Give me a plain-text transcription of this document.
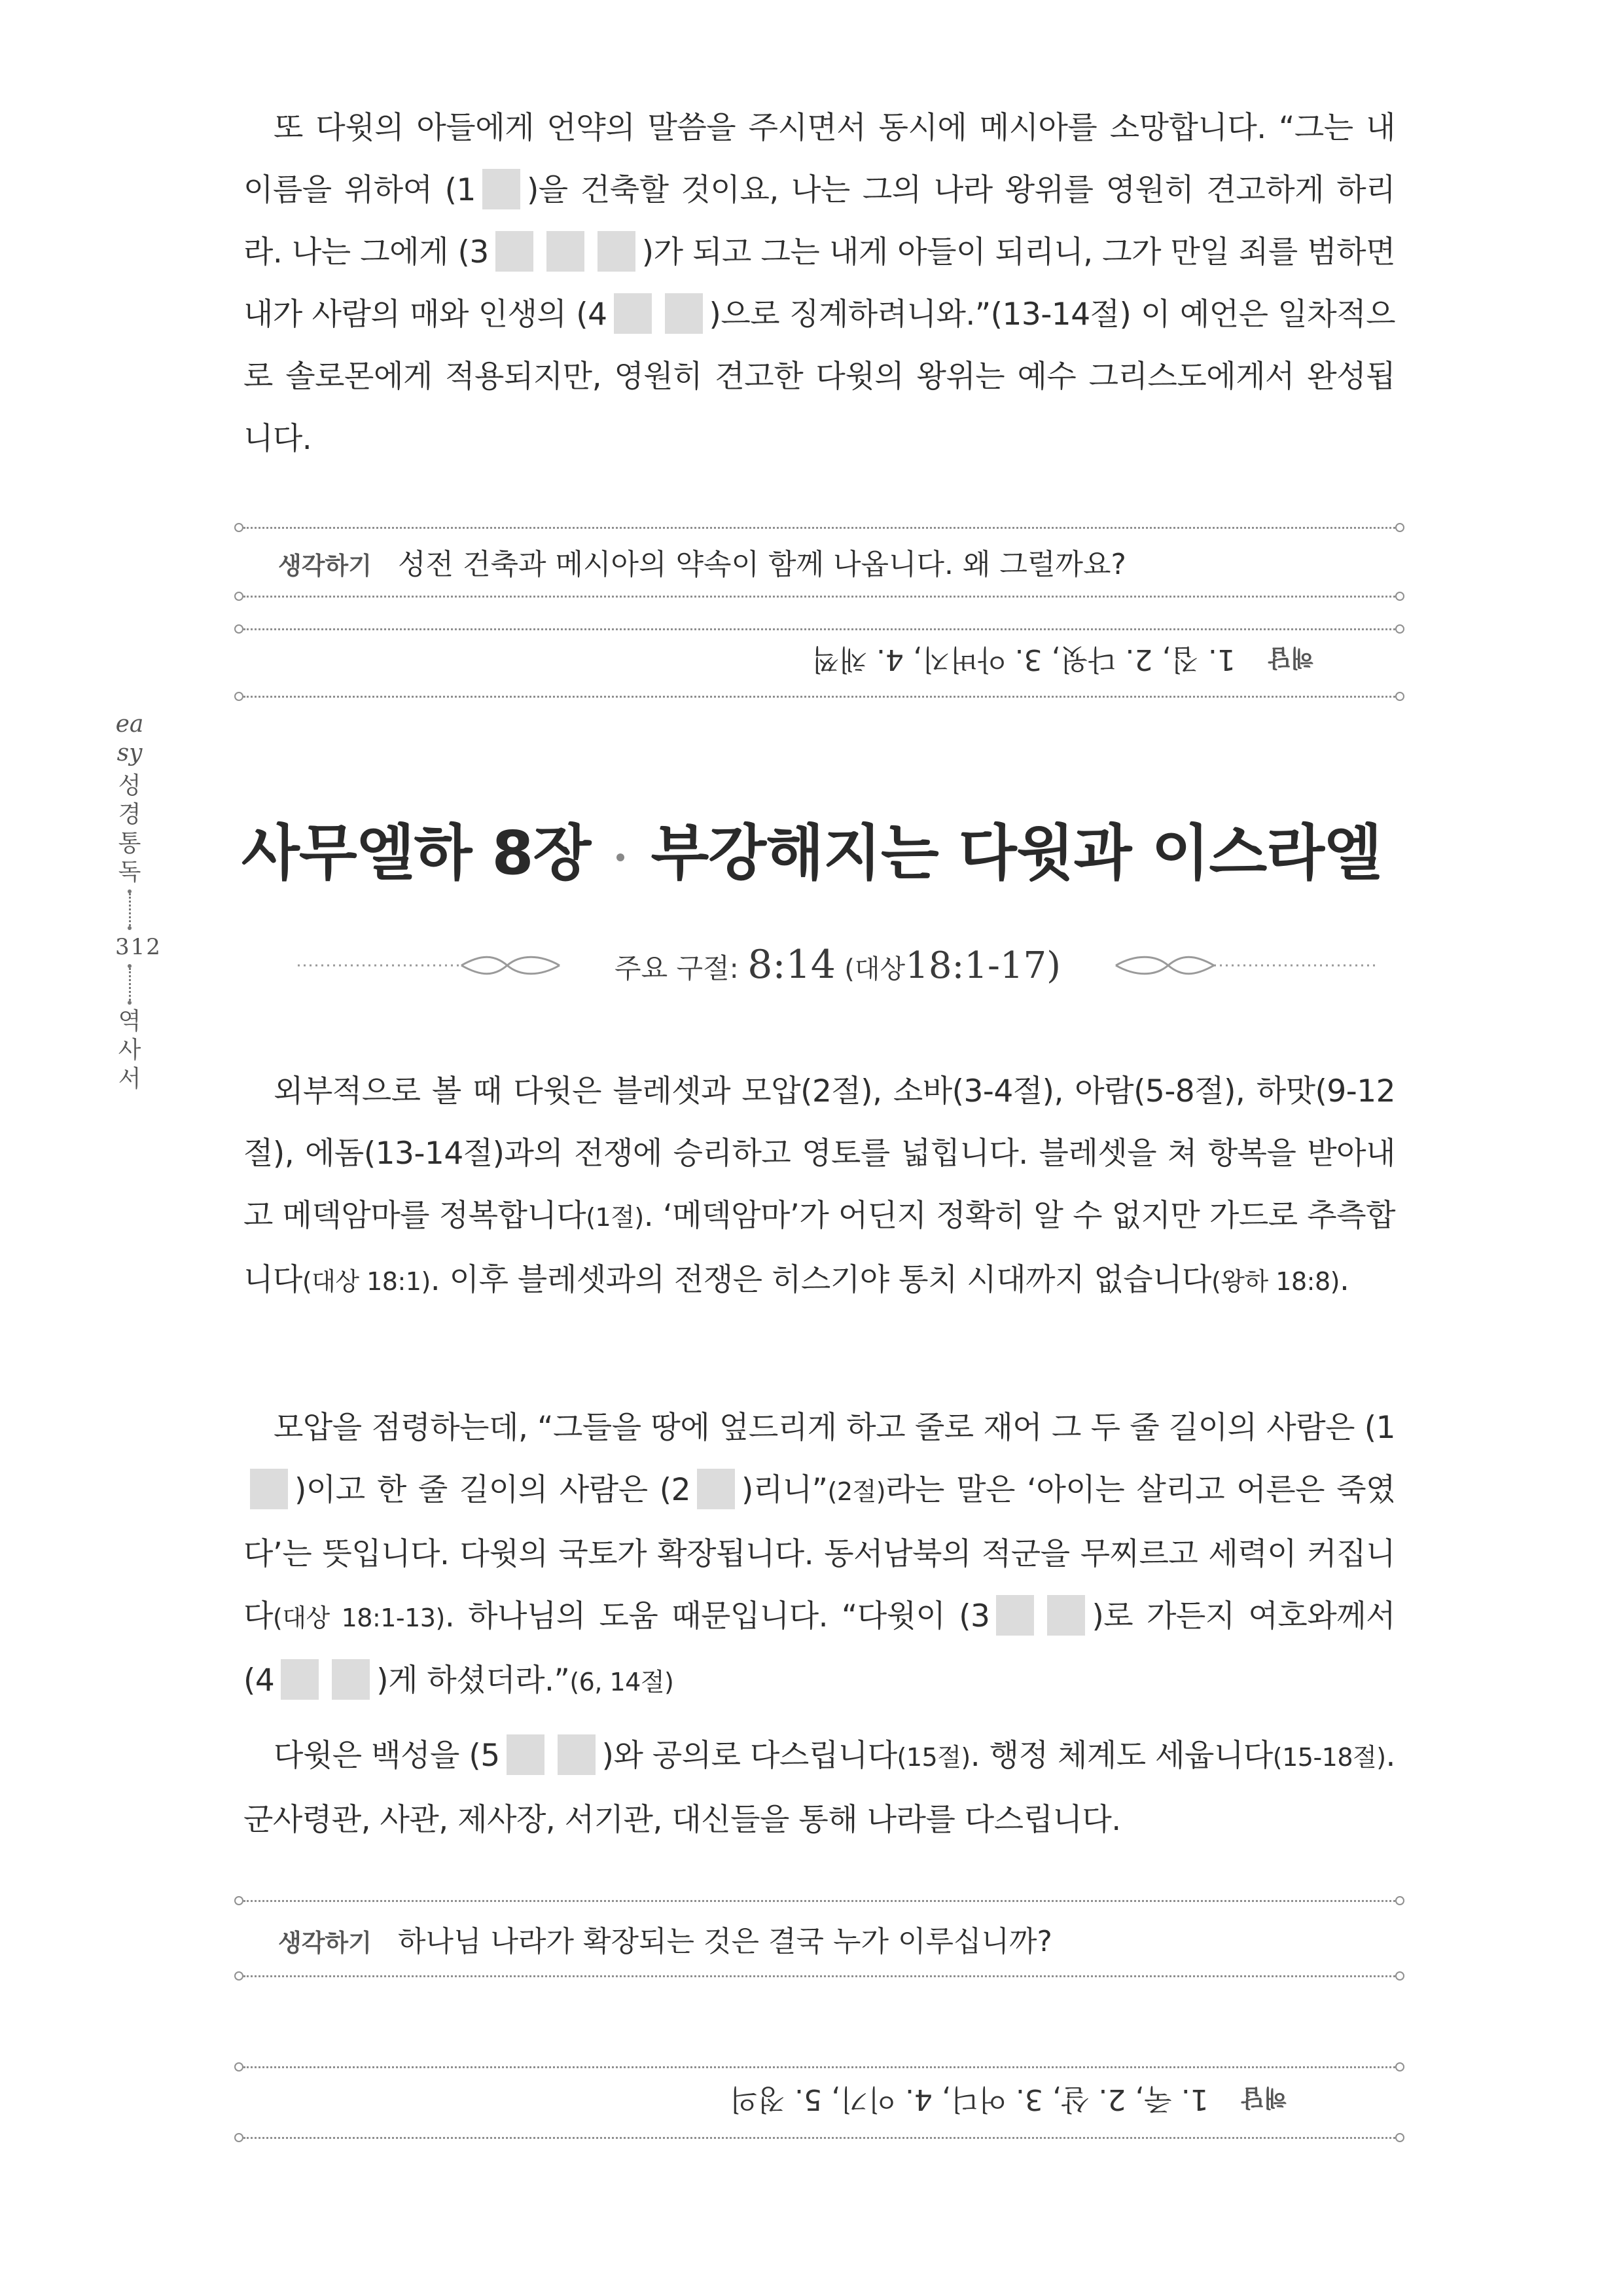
또 다윗의 아들에게 언약의 말씀을 주시면서 동시에 메시아를 소망합니다. “그는 내 이름을 위하여 (1 )을 건축할 것이요, 나는 그의 나라 왕위를 영원히 견고하게 하리라. 나는 그에게 (3	)가 되고 그는 내게 아들이 되리니, 그가 만일 죄를 범하면 내가 사람의 매와 인생의 (4	)으로 징계하려니와.”(13-14절) 이 예언은 일차적으로 솔로몬에게 적용되지만, 영원히 견고한 다윗의 왕위는 예수 그리스도에게서 완성됩니다.
생각하기 성전 건축과 메시아의 약속이 함께 나옵니다. 왜 그럴까요?
해답1. 집, 2. 다윗, 3. 아버지, 4. 채찍
easy
성경통독
312
역사서
사무엘하 8장 부강해지는 다윗과 이스라엘
주요 구절: 8:14 (대상18:1-17)
외부적으로 볼 때 다윗은 블레셋과 모압(2절), 소바(3-4절), 아람(5-8절), 하맛(9-12절), 에돔(13-14절)과의 전쟁에 승리하고 영토를 넓힙니다. 블레셋을 쳐 항복을 받아내고 메덱암마를 정복합니다(1절). ‘메덱암마’가 어딘지 정확히 알 수 없지만 가드로 추측합니다(대상 18:1). 이후 블레셋과의 전쟁은 히스기야 통치 시대까지 없습니다(왕하 18:8).
모압을 점령하는데, “그들을 땅에 엎드리게 하고 줄로 재어 그 두 줄 길이의 사람은 (1)이고 한 줄 길이의 사람은 (2 )리니”(2절)라는 말은 ‘아이는 살리고 어른은 죽였다’는 뜻입니다. 다윗의 국토가 확장됩니다. 동서남북의 적군을 무찌르고 세력이 커집니다(대상 18:1-13). 하나님의 도움 때문입니다. “다윗이 (3	)로 가든지 여호와께서 (4	)게 하셨더라.”(6, 14절)
다윗은 백성을 (5	)와 공의로 다스립니다(15절). 행정 체계도 세웁니다(15-18절). 군사령관, 사관, 제사장, 서기관, 대신들을 통해 나라를 다스립니다.
생각하기 하나님 나라가 확장되는 것은 결국 누가 이루십니까?
해답1. 죽, 2. 살, 3. 어디, 4. 이기, 5. 정의
